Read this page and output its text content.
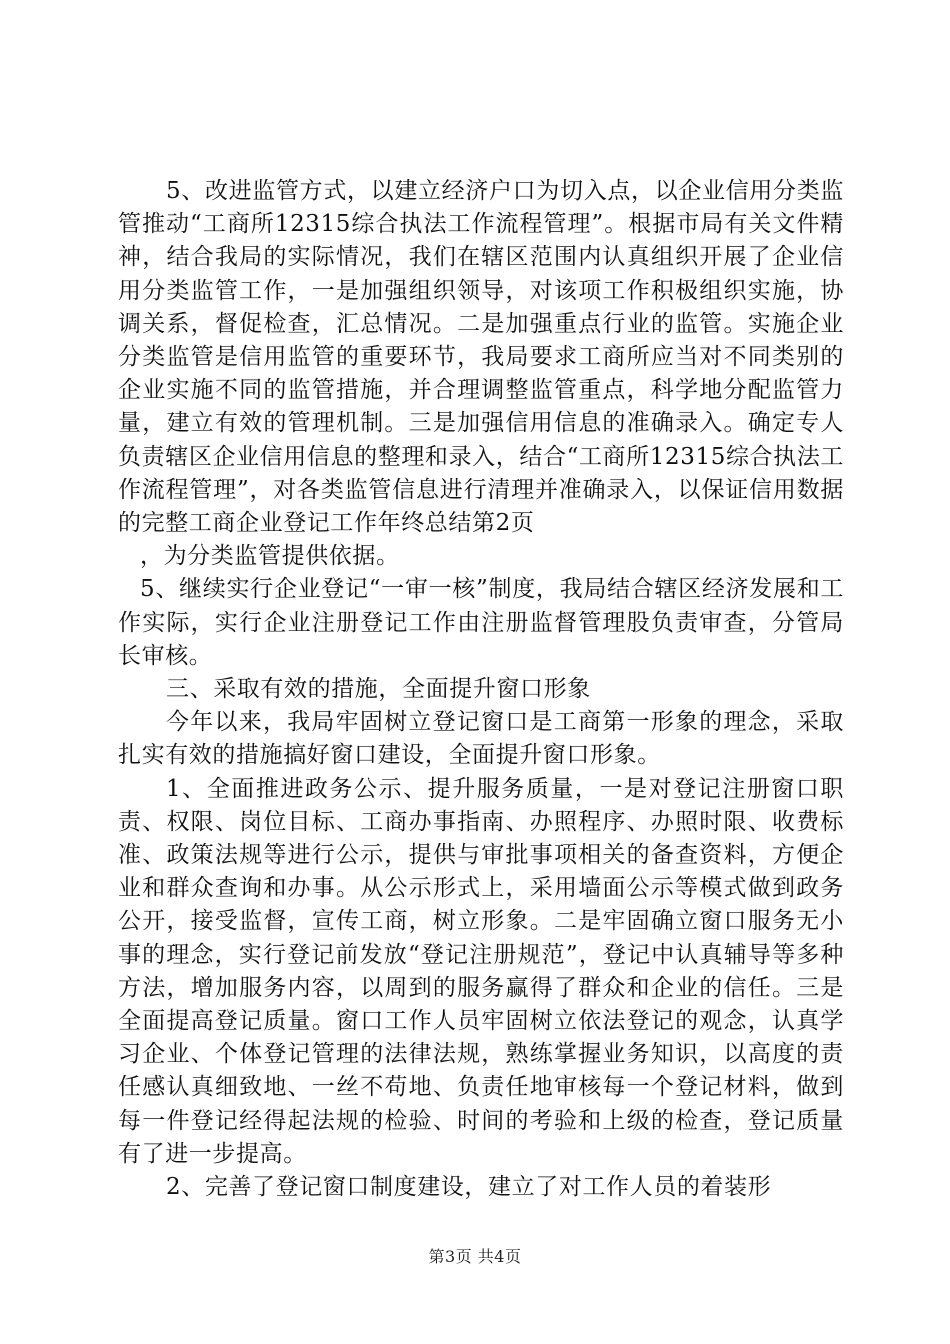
5、改进监管方式，以建立经济户口为切入点，以企业信用分类监管推动“工商所12315综合执法工作流程管理”。根据市局有关文件精神，结合我局的实际情况，我们在辖区范围内认真组织开展了企业信用分类监管工作，一是加强组织领导，对该项工作积极组织实施，协调关系，督促检查，汇总情况。二是加强重点行业的监管。实施企业分类监管是信用监管的重要环节，我局要求工商所应当对不同类别的企业实施不同的监管措施，并合理调整监管重点，科学地分配监管力量，建立有效的管理机制。三是加强信用信息的准确录入。确定专人负责辖区企业信用信息的整理和录入，结合“工商所12315综合执法工作流程管理”，对各类监管信息进行清理并准确录入，以保证信用数据的完整工商企业登记工作年终总结第2页

，为分类监管提供依据。

5、继续实行企业登记“一审一核”制度，我局结合辖区经济发展和工作实际，实行企业注册登记工作由注册监督管理股负责审查，分管局长审核。

三、采取有效的措施，全面提升窗口形象

今年以来，我局牢固树立登记窗口是工商第一形象的理念，采取扎实有效的措施搞好窗口建设，全面提升窗口形象。

1、全面推进政务公示、提升服务质量，一是对登记注册窗口职责、权限、岗位目标、工商办事指南、办照程序、办照时限、收费标准、政策法规等进行公示，提供与审批事项相关的备查资料，方便企业和群众查询和办事。从公示形式上，采用墙面公示等模式做到政务公开，接受监督，宣传工商，树立形象。二是牢固确立窗口服务无小事的理念，实行登记前发放“登记注册规范”，登记中认真辅导等多种方法，增加服务内容，以周到的服务赢得了群众和企业的信任。三是全面提高登记质量。窗口工作人员牢固树立依法登记的观念，认真学习企业、个体登记管理的法律法规，熟练掌握业务知识，以高度的责任感认真细致地、一丝不苟地、负责任地审核每一个登记材料，做到每一件登记经得起法规的检验、时间的考验和上级的检查，登记质量有了进一步提高。

2、完善了登记窗口制度建设，建立了对工作人员的着装形

第3页 共4页
